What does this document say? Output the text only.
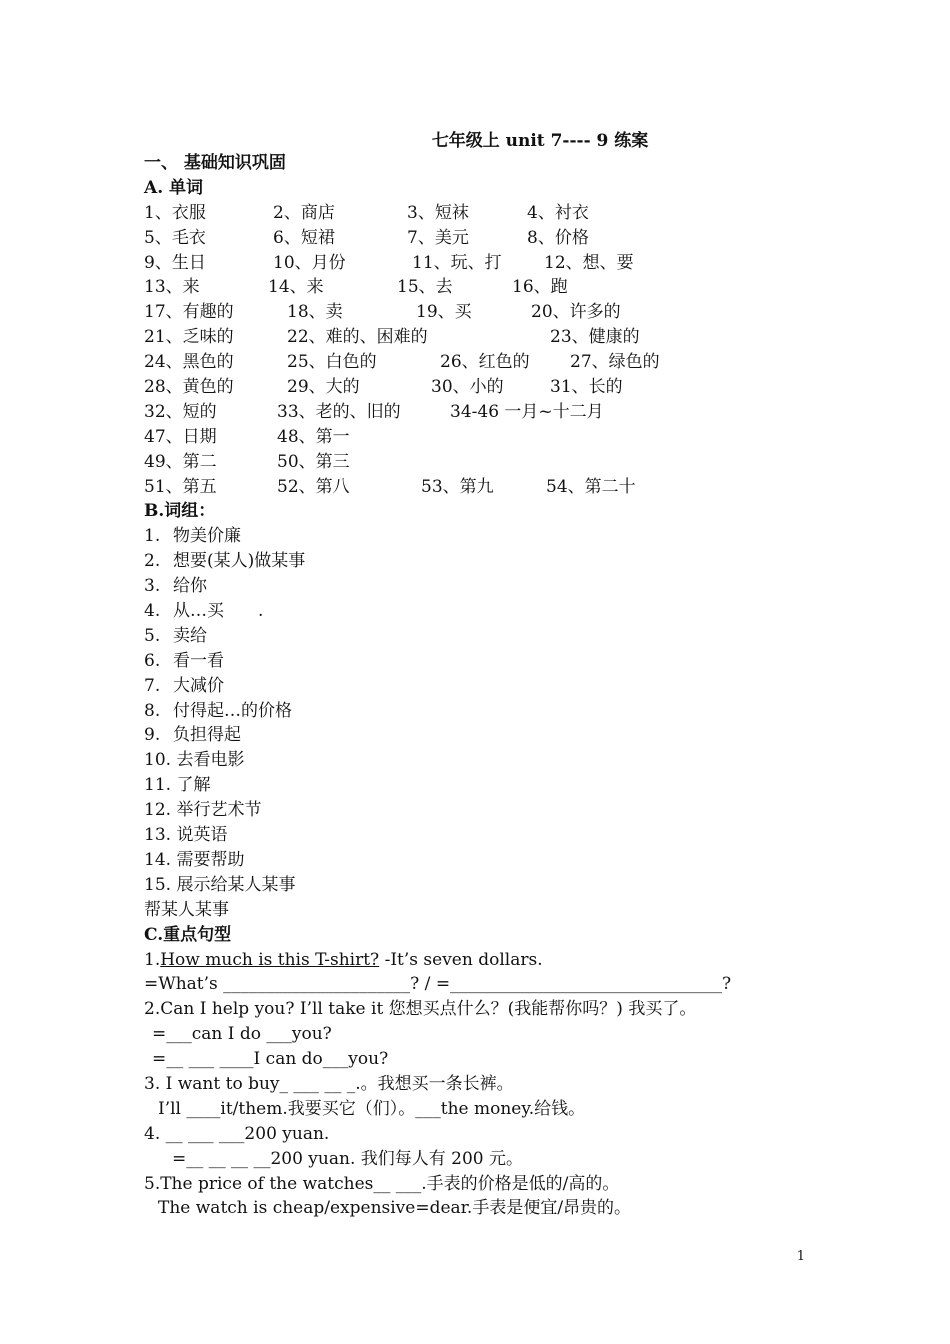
七年级上 unit 7---- 9 练案
一、 基础知识巩固
A. 单词
1、衣服	2、商店	3、短袜	4、衬衣
5、毛衣	6、短裙	7、美元	8、价格
9、生日	10、月份	11、玩、打 12、想、要
13、来	14、来	15、去	16、跑
17、有趣的	18、卖	19、买	20、许多的
21、乏味的	22、难的、困难的	23、健康的
24、黑色的	25、白色的	26、红色的 27、绿色的
28、黄色的	29、大的	30、小的	31、长的
32、短的	33、老的、旧的	34-46 一月~十二月
47、日期	48、第一
49、第二	50、第三
51、第五	52、第八	53、第九	54、第二十
B.词组：
1. 物美价廉
2. 想要(某人)做某事
3. 给你
4. 从…买　　.
5. 卖给
6. 看一看
7. 大减价
8. 付得起…的价格
9. 负担得起
10. 去看电影
11. 了解
12. 举行艺术节
13. 说英语
14. 需要帮助
15. 展示给某人某事
帮某人某事
C.重点句型
1.How much is this T-shirt? -It’s seven dollars.
=What’s ______________________? / =________________________________?
2.Can I help you? I’ll take it 您想买点什么？(我能帮你吗？) 我买了。
=___can I do ___you?
=__ ___ ____I can do___you?
3. I want to buy_ ___ __ _.。我想买一条长裤。
I’ll ____it/them.我要买它（们）。___the money.给钱。
4. __ ___ ___200 yuan.
=__ __ __ __200 yuan. 我们每人有 200 元。
5.The price of the watches__ ___.手表的价格是低的/高的。
The watch is cheap/expensive=dear.手表是便宜/昂贵的。
1
